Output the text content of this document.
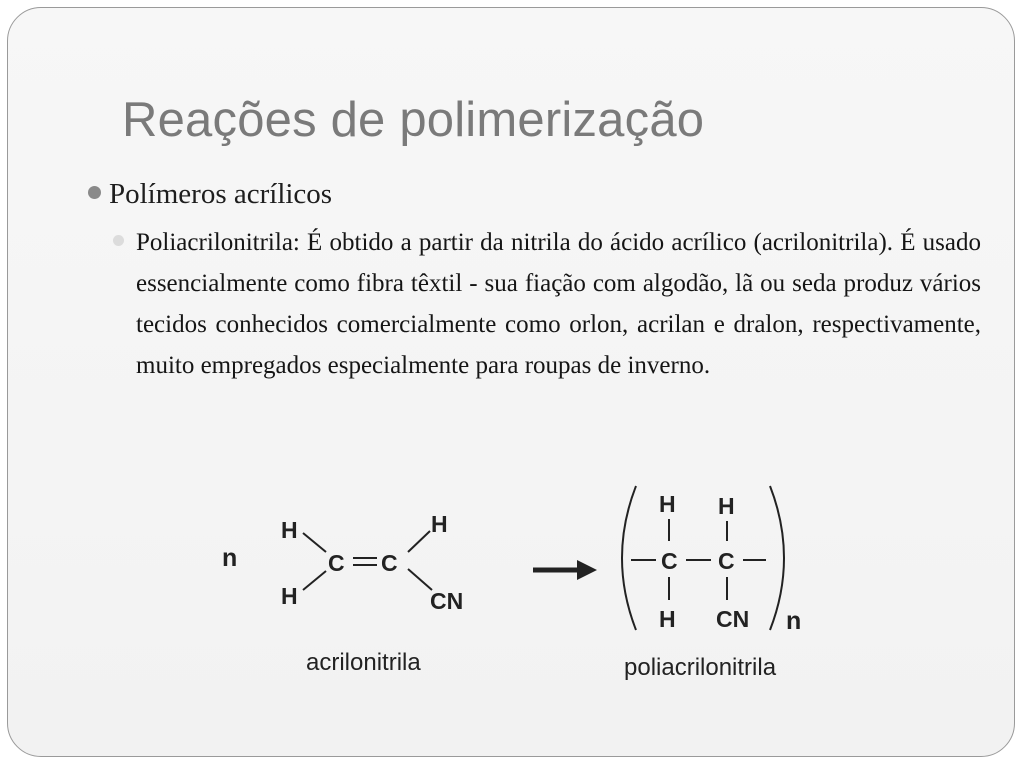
Reações de polimerização
Polímeros acrílicos

Poliacrilonitrila: É obtido a partir da nitrila do ácido acrílico (acrilonitrila). É usado essencialmente como fibra têxtil - sua fiação com algodão, lã ou seda produz vários tecidos conhecidos comercialmente como orlon, acrilan e dralon, respectivamente, muito empregados especialmente para roupas de inverno.

n
H
H
C C
H
CN
acrilonitrila
H
H
C C
H
CN n
poliacrilonitrila
